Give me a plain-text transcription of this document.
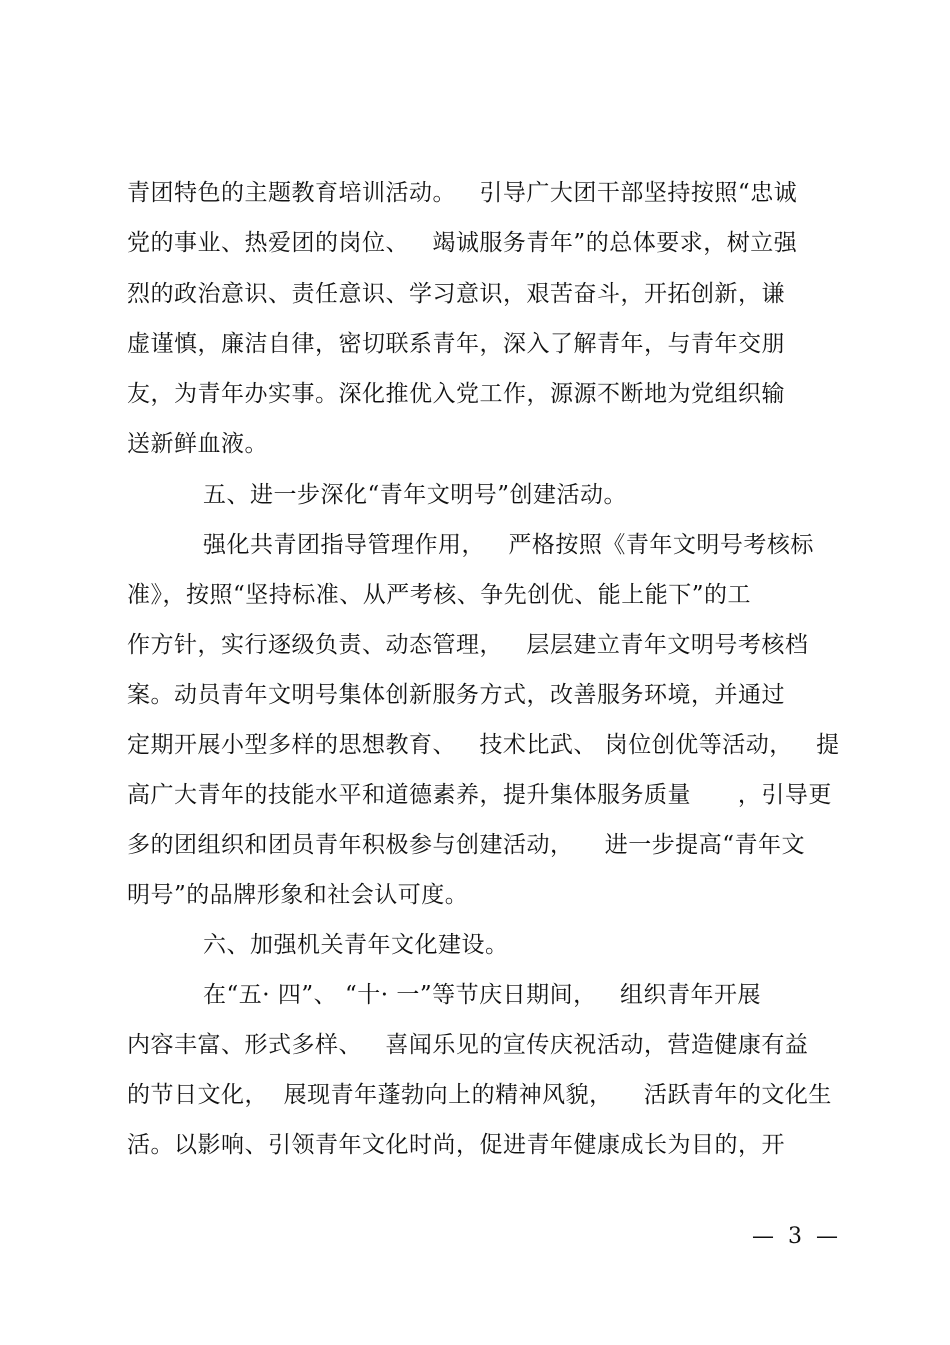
青团特色的主题教育培训活动。   引导广大团干部坚持按照“忠诚
党的事业、热爱团的岗位、   竭诚服务青年”的总体要求，树立强
烈的政治意识、责任意识、学习意识，艰苦奋斗，开拓创新，谦
虚谨慎，廉洁自律，密切联系青年，深入了解青年，与青年交朋
友，为青年办实事。深化推优入党工作，源源不断地为党组织输
送新鲜血液。
五、进一步深化“青年文明号”创建活动。
强化共青团指导管理作用，   严格按照《青年文明号考核标
准》，按照“坚持标准、从严考核、争先创优、能上能下”的工
作方针，实行逐级负责、动态管理，   层层建立青年文明号考核档
案。动员青年文明号集体创新服务方式，改善服务环境，并通过
定期开展小型多样的思想教育、   技术比武、 岗位创优等活动，   提
高广大青年的技能水平和道德素养，提升集体服务质量      ，引导更
多的团组织和团员青年积极参与创建活动，    进一步提高“青年文
明号”的品牌形象和社会认可度。
六、加强机关青年文化建设。
在“五· 四”、 “十· 一”等节庆日期间，   组织青年开展
内容丰富、形式多样、   喜闻乐见的宣传庆祝活动，营造健康有益
的节日文化，  展现青年蓬勃向上的精神风貌，    活跃青年的文化生
活。以影响、引领青年文化时尚，促进青年健康成长为目的，开
—  3  —
